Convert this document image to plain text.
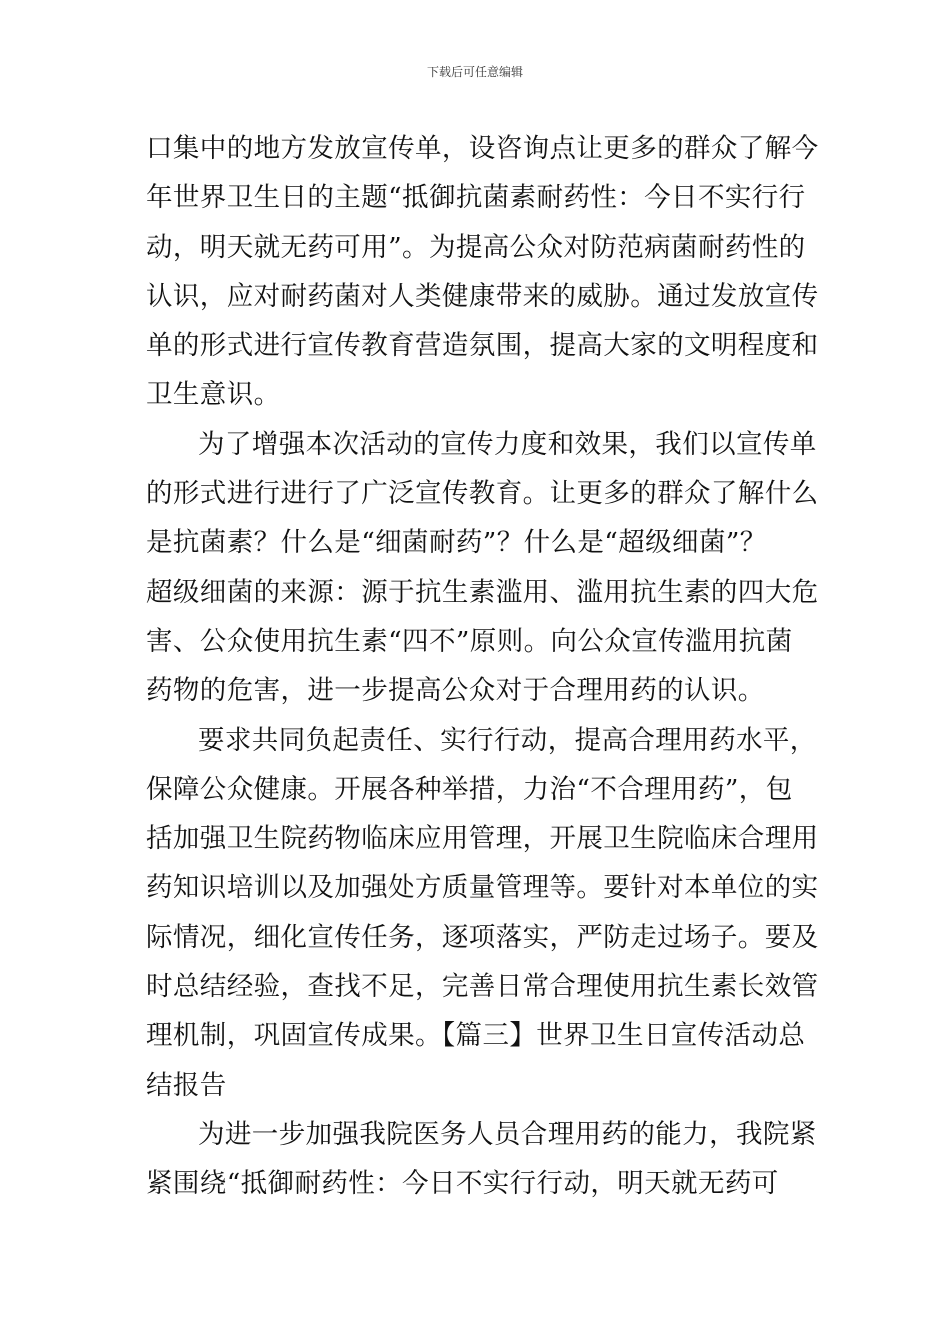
下载后可任意编辑
口集中的地方发放宣传单，设咨询点让更多的群众了解今
年世界卫生日的主题“抵御抗菌素耐药性：今日不实行行
动，明天就无药可用”。为提高公众对防范病菌耐药性的
认识，应对耐药菌对人类健康带来的威胁。通过发放宣传
单的形式进行宣传教育营造氛围，提高大家的文明程度和
卫生意识。
为了增强本次活动的宣传力度和效果，我们以宣传单
的形式进行进行了广泛宣传教育。让更多的群众了解什么
是抗菌素？什么是“细菌耐药”？什么是“超级细菌”？
超级细菌的来源：源于抗生素滥用、滥用抗生素的四大危
害、公众使用抗生素“四不”原则。向公众宣传滥用抗菌
药物的危害，进一步提高公众对于合理用药的认识。
要求共同负起责任、实行行动，提高合理用药水平，
保障公众健康。开展各种举措，力治“不合理用药”，包
括加强卫生院药物临床应用管理，开展卫生院临床合理用
药知识培训以及加强处方质量管理等。要针对本单位的实
际情况，细化宣传任务，逐项落实，严防走过场子。要及
时总结经验，查找不足，完善日常合理使用抗生素长效管
理机制，巩固宣传成果。【篇三】世界卫生日宣传活动总
结报告
为进一步加强我院医务人员合理用药的能力，我院紧
紧围绕“抵御耐药性：今日不实行行动，明天就无药可
